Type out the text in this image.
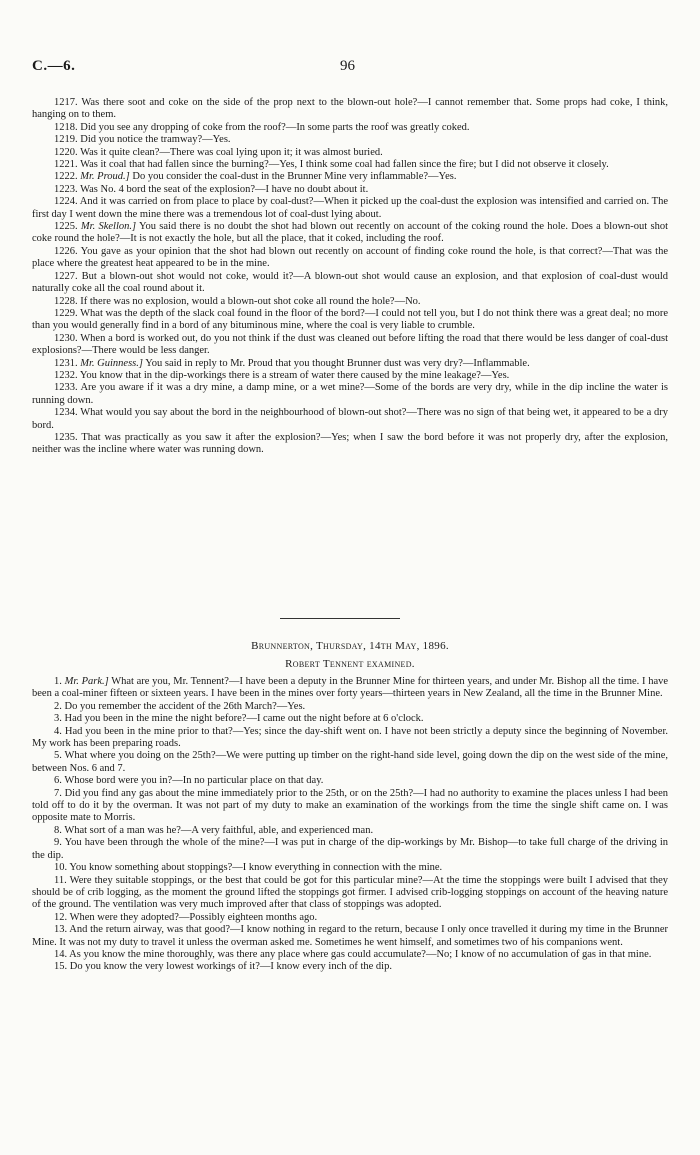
C.—6.	96

1217. Was there soot and coke on the side of the prop next to the blown-out hole?—I cannot remember that. Some props had coke, I think, hanging on to them.

1218. Did you see any dropping of coke from the roof?—In some parts the roof was greatly coked.

1219. Did you notice the tramway?—Yes.

1220. Was it quite clean?—There was coal lying upon it; it was almost buried.

1221. Was it coal that had fallen since the burning?—Yes, I think some coal had fallen since the fire; but I did not observe it closely.

1222. Mr. Proud.] Do you consider the coal-dust in the Brunner Mine very inflammable?—Yes.

1223. Was No. 4 bord the seat of the explosion?—I have no doubt about it.

1224. And it was carried on from place to place by coal-dust?—When it picked up the coal-dust the explosion was intensified and carried on. The first day I went down the mine there was a tremendous lot of coal-dust lying about.

1225. Mr. Skellon.] You said there is no doubt the shot had blown out recently on account of the coking round the hole. Does a blown-out shot coke round the hole?—It is not exactly the hole, but all the place, that it coked, including the roof.

1226. You gave as your opinion that the shot had blown out recently on account of finding coke round the hole, is that correct?—That was the place where the greatest heat appeared to be in the mine.

1227. But a blown-out shot would not coke, would it?—A blown-out shot would cause an explosion, and that explosion of coal-dust would naturally coke all the coal round about it.

1228. If there was no explosion, would a blown-out shot coke all round the hole?—No.

1229. What was the depth of the slack coal found in the floor of the bord?—I could not tell you, but I do not think there was a great deal; no more than you would generally find in a bord of any bituminous mine, where the coal is very liable to crumble.

1230. When a bord is worked out, do you not think if the dust was cleaned out before lifting the road that there would be less danger of coal-dust explosions?—There would be less danger.

1231. Mr. Guinness.] You said in reply to Mr. Proud that you thought Brunner dust was very dry?—Inflammable.

1232. You know that in the dip-workings there is a stream of water there caused by the mine leakage?—Yes.

1233. Are you aware if it was a dry mine, a damp mine, or a wet mine?—Some of the bords are very dry, while in the dip incline the water is running down.

1234. What would you say about the bord in the neighbourhood of blown-out shot?—There was no sign of that being wet, it appeared to be a dry bord.

1235. That was practically as you saw it after the explosion?—Yes; when I saw the bord before it was not properly dry, after the explosion, neither was the incline where water was running down.

Brunnerton, Thursday, 14th May, 1896.
Robert Tennent examined.

1. Mr. Park.] What are you, Mr. Tennent?—I have been a deputy in the Brunner Mine for thirteen years, and under Mr. Bishop all the time. I have been a coal-miner fifteen or sixteen years. I have been in the mines over forty years—thirteen years in New Zealand, all the time in the Brunner Mine.

2. Do you remember the accident of the 26th March?—Yes.

3. Had you been in the mine the night before?—I came out the night before at 6 o'clock.

4. Had you been in the mine prior to that?—Yes; since the day-shift went on. I have not been strictly a deputy since the beginning of November. My work has been preparing roads.

5. What where you doing on the 25th?—We were putting up timber on the right-hand side level, going down the dip on the west side of the mine, between Nos. 6 and 7.

6. Whose bord were you in?—In no particular place on that day.

7. Did you find any gas about the mine immediately prior to the 25th, or on the 25th?—I had no authority to examine the places unless I had been told off to do it by the overman. It was not part of my duty to make an examination of the workings from the time the single shift came on. I was opposite mate to Morris.

8. What sort of a man was he?—A very faithful, able, and experienced man.

9. You have been through the whole of the mine?—I was put in charge of the dip-workings by Mr. Bishop—to take full charge of the driving in the dip.

10. You know something about stoppings?—I know everything in connection with the mine.

11. Were they suitable stoppings, or the best that could be got for this particular mine?—At the time the stoppings were built I advised that they should be of crib logging, as the moment the ground lifted the stoppings got firmer. I advised crib-logging stoppings on account of the heaving nature of the ground. The ventilation was very much improved after that class of stoppings was adopted.

12. When were they adopted?—Possibly eighteen months ago.

13. And the return airway, was that good?—I know nothing in regard to the return, because I only once travelled it during my time in the Brunner Mine. It was not my duty to travel it unless the overman asked me. Sometimes he went himself, and sometimes two of his companions went.

14. As you know the mine thoroughly, was there any place where gas could accumulate?—No; I know of no accumulation of gas in that mine.

15. Do you know the very lowest workings of it?—I know every inch of the dip.
